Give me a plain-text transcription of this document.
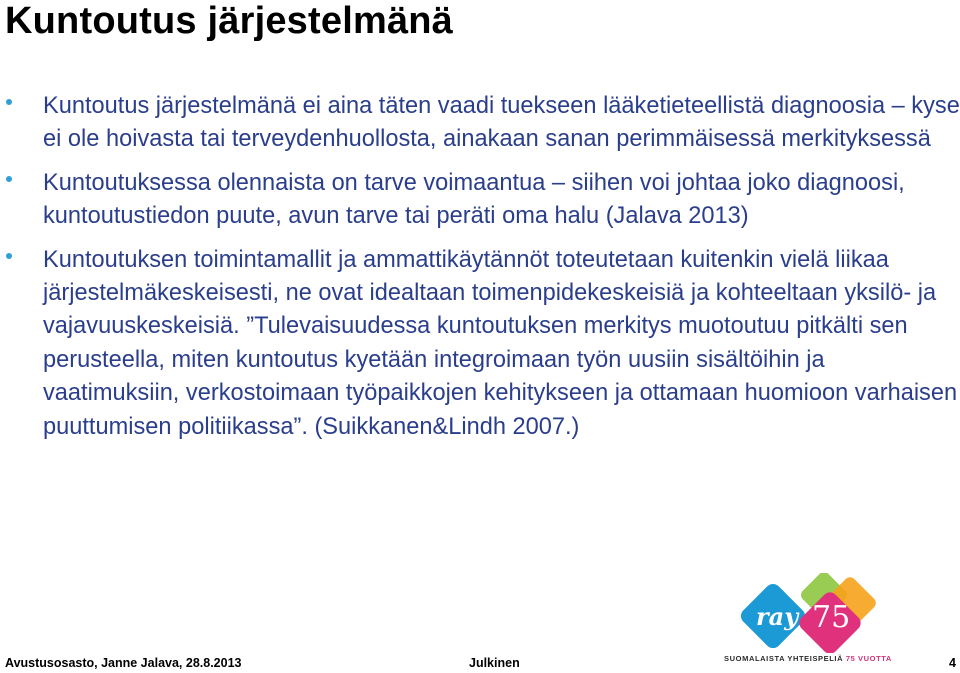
Kuntoutus järjestelmänä
Kuntoutus järjestelmänä ei aina täten vaadi tuekseen lääketieteellistä diagnoosia – kyse ei ole hoivasta tai terveydenhuollosta, ainakaan sanan perimmäisessä merkityksessä
Kuntoutuksessa olennaista on tarve voimaantua – siihen voi johtaa joko diagnoosi, kuntoutustiedon puute, avun tarve tai peräti oma halu (Jalava 2013)
Kuntoutuksen toimintamallit ja ammattikäytännöt toteutetaan kuitenkin vielä liikaa järjestelmäkeskeisesti, ne ovat idealtaan toimenpidekeskeisiä ja kohteeltaan yksilö- ja vajavuuskeskeisiä. ”Tulevaisuudessa kuntoutuksen merkitys muotoutuu pitkälti sen perusteella, miten kuntoutus kyetään integroimaan työn uusiin sisältöihin ja vaatimuksiin, verkostoimaan työpaikkojen kehitykseen ja ottamaan huomioon varhaisen puuttumisen politiikassa”. (Suikkanen&Lindh 2007.)
ray 75
SUOMALAISTA YHTEISPELIÄ 75 VUOTTA
Avustusosasto, Janne Jalava, 28.8.2013	Julkinen	4
